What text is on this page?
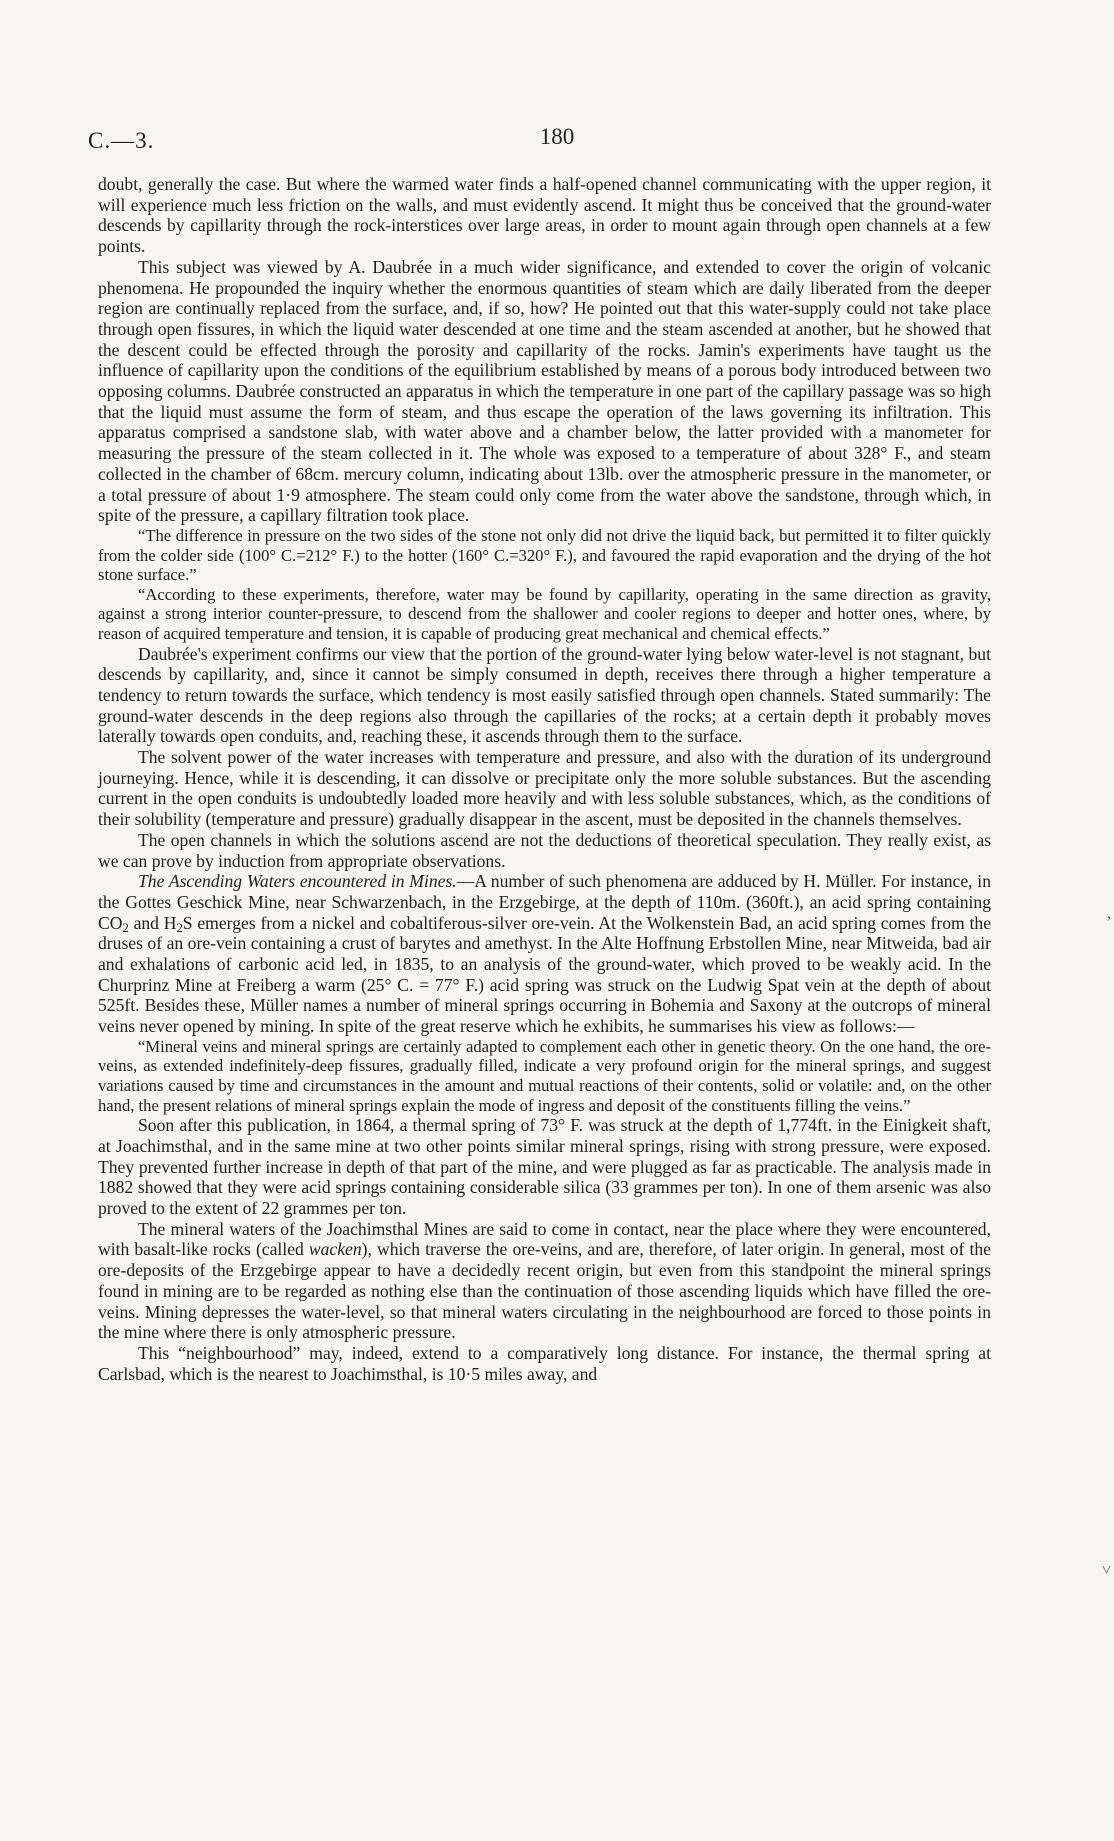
C.—3.	180

doubt, generally the case. But where the warmed water finds a half-opened channel communicating with the upper region, it will experience much less friction on the walls, and must evidently ascend. It might thus be conceived that the ground-water descends by capillarity through the rock-interstices over large areas, in order to mount again through open channels at a few points.

This subject was viewed by A. Daubrée in a much wider significance, and extended to cover the origin of volcanic phenomena. He propounded the inquiry whether the enormous quantities of steam which are daily liberated from the deeper region are continually replaced from the surface, and, if so, how? He pointed out that this water-supply could not take place through open fissures, in which the liquid water descended at one time and the steam ascended at another, but he showed that the descent could be effected through the porosity and capillarity of the rocks. Jamin's experiments have taught us the influence of capillarity upon the conditions of the equilibrium established by means of a porous body introduced between two opposing columns. Daubrée constructed an apparatus in which the temperature in one part of the capillary passage was so high that the liquid must assume the form of steam, and thus escape the operation of the laws governing its infiltration. This apparatus comprised a sandstone slab, with water above and a chamber below, the latter provided with a manometer for measuring the pressure of the steam collected in it. The whole was exposed to a temperature of about 328° F., and steam collected in the chamber of 68cm. mercury column, indicating about 13lb. over the atmospheric pressure in the manometer, or a total pressure of about 1·9 atmosphere. The steam could only come from the water above the sandstone, through which, in spite of the pressure, a capillary filtration took place.

“The difference in pressure on the two sides of the stone not only did not drive the liquid back, but permitted it to filter quickly from the colder side (100° C.=212° F.) to the hotter (160° C.=320° F.), and favoured the rapid evaporation and the drying of the hot stone surface.”

“According to these experiments, therefore, water may be found by capillarity, operating in the same direction as gravity, against a strong interior counter-pressure, to descend from the shallower and cooler regions to deeper and hotter ones, where, by reason of acquired temperature and tension, it is capable of producing great mechanical and chemical effects.”

Daubrée's experiment confirms our view that the portion of the ground-water lying below water-level is not stagnant, but descends by capillarity, and, since it cannot be simply consumed in depth, receives there through a higher temperature a tendency to return towards the surface, which tendency is most easily satisfied through open channels. Stated summarily: The ground-water descends in the deep regions also through the capillaries of the rocks; at a certain depth it probably moves laterally towards open conduits, and, reaching these, it ascends through them to the surface.

The solvent power of the water increases with temperature and pressure, and also with the duration of its underground journeying. Hence, while it is descending, it can dissolve or precipitate only the more soluble substances. But the ascending current in the open conduits is undoubtedly loaded more heavily and with less soluble substances, which, as the conditions of their solubility (temperature and pressure) gradually disappear in the ascent, must be deposited in the channels themselves.

The open channels in which the solutions ascend are not the deductions of theoretical speculation. They really exist, as we can prove by induction from appropriate observations.

The Ascending Waters encountered in Mines.—A number of such phenomena are adduced by H. Müller. For instance, in the Gottes Geschick Mine, near Schwarzenbach, in the Erzgebirge, at the depth of 110m. (360ft.), an acid spring containing $CO_2$ and $H_2S$ emerges from a nickel and cobaltiferous-silver ore-vein. At the Wolkenstein Bad, an acid spring comes from the druses of an ore-vein containing a crust of barytes and amethyst. In the Alte Hoffnung Erbstollen Mine, near Mitweida, bad air and exhalations of carbonic acid led, in 1835, to an analysis of the ground-water, which proved to be weakly acid. In the Churprinz Mine at Freiberg a warm (25° C. = 77° F.) acid spring was struck on the Ludwig Spat vein at the depth of about 525ft. Besides these, Müller names a number of mineral springs occurring in Bohemia and Saxony at the outcrops of mineral veins never opened by mining. In spite of the great reserve which he exhibits, he summarises his view as follows:—

“Mineral veins and mineral springs are certainly adapted to complement each other in genetic theory. On the one hand, the ore-veins, as extended indefinitely-deep fissures, gradually filled, indicate a very profound origin for the mineral springs, and suggest variations caused by time and circumstances in the amount and mutual reactions of their contents, solid or volatile: and, on the other hand, the present relations of mineral springs explain the mode of ingress and deposit of the constituents filling the veins.”

Soon after this publication, in 1864, a thermal spring of 73° F. was struck at the depth of 1,774ft. in the Einigkeit shaft, at Joachimsthal, and in the same mine at two other points similar mineral springs, rising with strong pressure, were exposed. They prevented further increase in depth of that part of the mine, and were plugged as far as practicable. The analysis made in 1882 showed that they were acid springs containing considerable silica (33 grammes per ton). In one of them arsenic was also proved to the extent of 22 grammes per ton.

The mineral waters of the Joachimsthal Mines are said to come in contact, near the place where they were encountered, with basalt-like rocks (called wacken), which traverse the ore-veins, and are, therefore, of later origin. In general, most of the ore-deposits of the Erzgebirge appear to have a decidedly recent origin, but even from this standpoint the mineral springs found in mining are to be regarded as nothing else than the continuation of those ascending liquids which have filled the ore-veins. Mining depresses the water-level, so that mineral waters circulating in the neighbourhood are forced to those points in the mine where there is only atmospheric pressure.

This “neighbourhood” may, indeed, extend to a comparatively long distance. For instance, the thermal spring at Carlsbad, which is the nearest to Joachimsthal, is 10·5 miles away, and

,
˅
